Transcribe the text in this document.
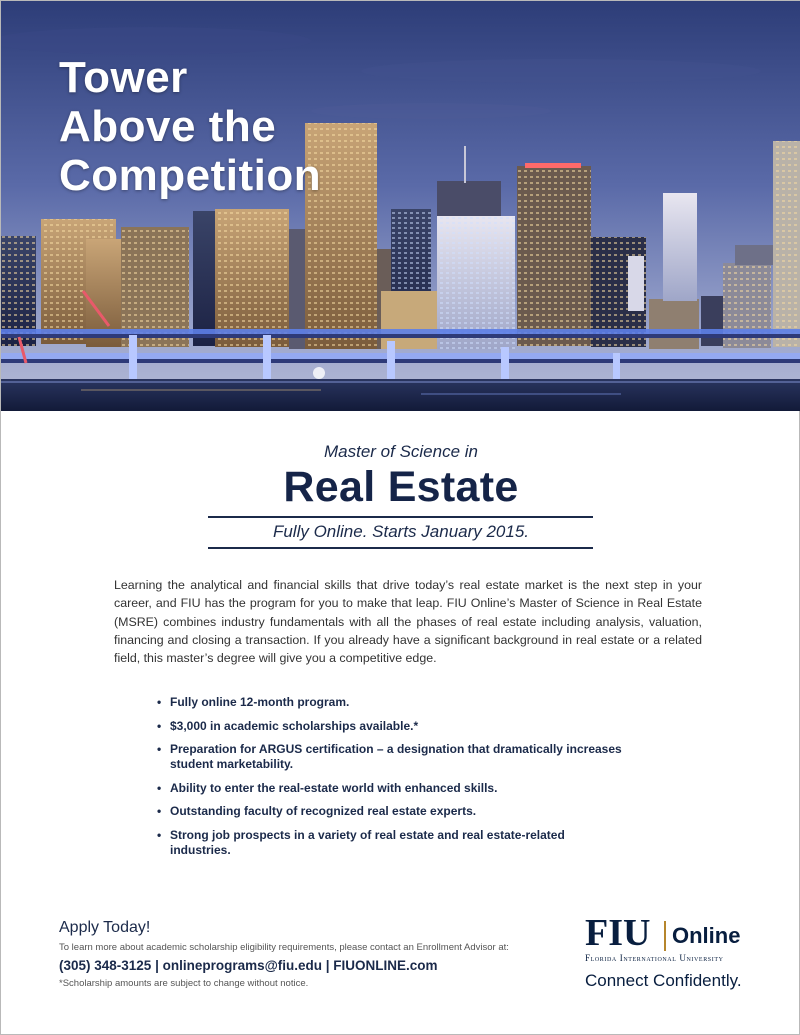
Tower
Above the
Competition
Master of Science in
Real Estate
Fully Online. Starts January 2015.

Learning the analytical and financial skills that drive today’s real estate market is the next step in your career, and FIU has the program for you to make that leap. FIU Online’s Master of Science in Real Estate (MSRE) combines industry fundamentals with all the phases of real estate including analysis, valuation, financing and closing a transaction. If you already have a significant background in real estate or a related field, this master’s degree will give you a competitive edge.

• Fully online 12-month program.
• $3,000 in academic scholarships available.*
• Preparation for ARGUS certification – a designation that dramatically increases student marketability.
• Ability to enter the real-estate world with enhanced skills.
• Outstanding faculty of recognized real estate experts.
• Strong job prospects in a variety of real estate and real estate-related industries.
Apply Today!
To learn more about academic scholarship eligibility requirements, please contact an Enrollment Advisor at:
(305) 348-3125 | onlineprograms@fiu.edu | FIUONLINE.com
*Scholarship amounts are subject to change without notice.
FIU Online
Florida International University
Connect Confidently.
